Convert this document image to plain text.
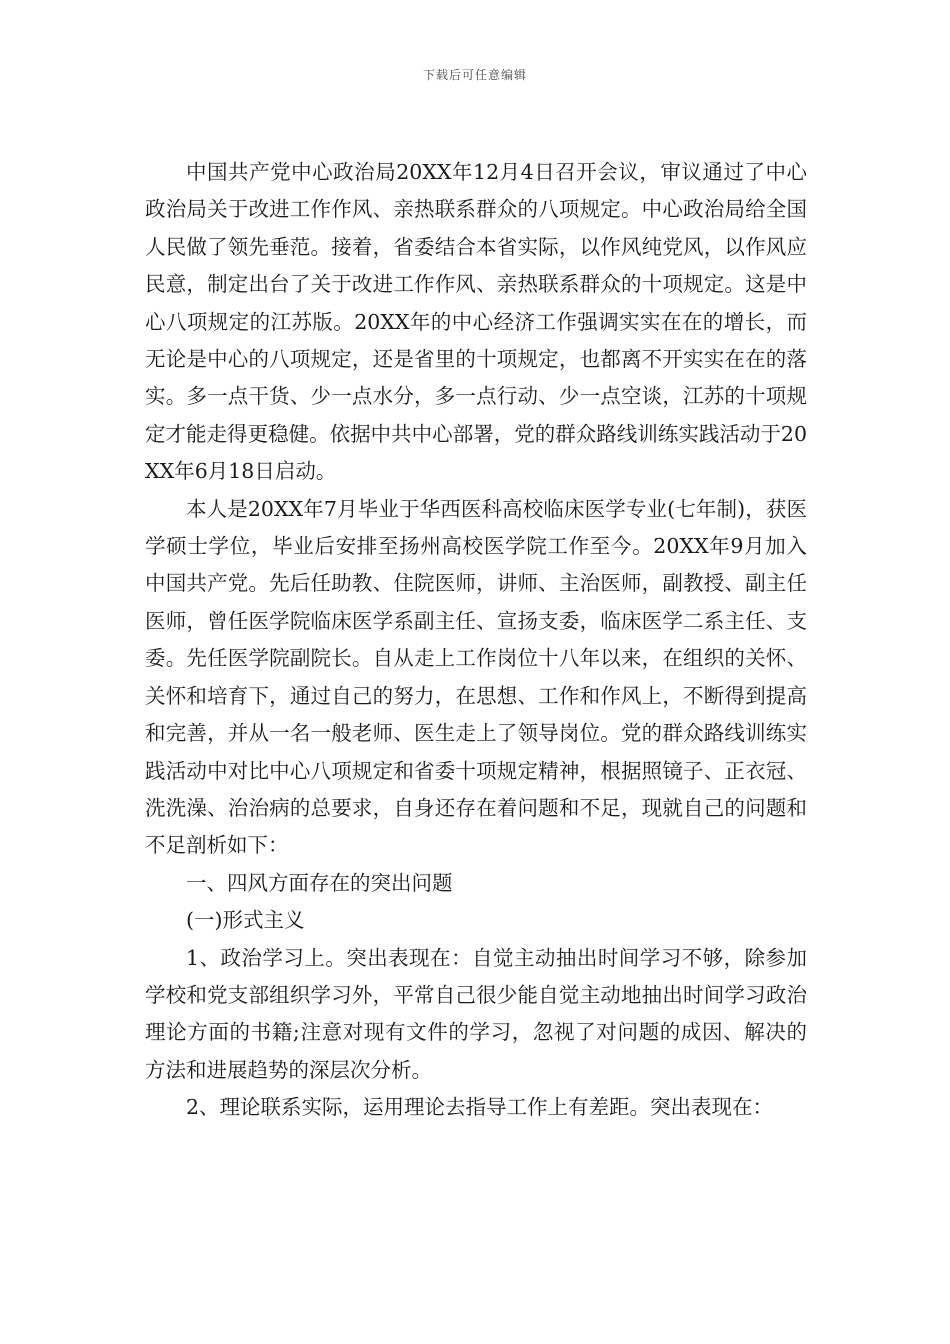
下载后可任意编辑

中国共产党中心政治局20XX年12月4日召开会议，审议通过了中心政治局关于改进工作作风、亲热联系群众的八项规定。中心政治局给全国人民做了领先垂范。接着，省委结合本省实际，以作风纯党风，以作风应民意，制定出台了关于改进工作作风、亲热联系群众的十项规定。这是中心八项规定的江苏版。20XX年的中心经济工作强调实实在在的增长，而无论是中心的八项规定，还是省里的十项规定，也都离不开实实在在的落实。多一点干货、少一点水分，多一点行动、少一点空谈，江苏的十项规定才能走得更稳健。依据中共中心部署，党的群众路线训练实践活动于20XX年6月18日启动。

本人是20XX年7月毕业于华西医科高校临床医学专业(七年制)，获医学硕士学位，毕业后安排至扬州高校医学院工作至今。20XX年9月加入中国共产党。先后任助教、住院医师，讲师、主治医师，副教授、副主任医师，曾任医学院临床医学系副主任、宣扬支委，临床医学二系主任、支委。先任医学院副院长。自从走上工作岗位十八年以来，在组织的关怀、关怀和培育下，通过自己的努力，在思想、工作和作风上，不断得到提高和完善，并从一名一般老师、医生走上了领导岗位。党的群众路线训练实践活动中对比中心八项规定和省委十项规定精神，根据照镜子、正衣冠、洗洗澡、治治病的总要求，自身还存在着问题和不足，现就自己的问题和不足剖析如下：

一、四风方面存在的突出问题

(一)形式主义

1、政治学习上。突出表现在：自觉主动抽出时间学习不够，除参加学校和党支部组织学习外，平常自己很少能自觉主动地抽出时间学习政治理论方面的书籍;注意对现有文件的学习，忽视了对问题的成因、解决的方法和进展趋势的深层次分析。

2、理论联系实际，运用理论去指导工作上有差距。突出表现在：
